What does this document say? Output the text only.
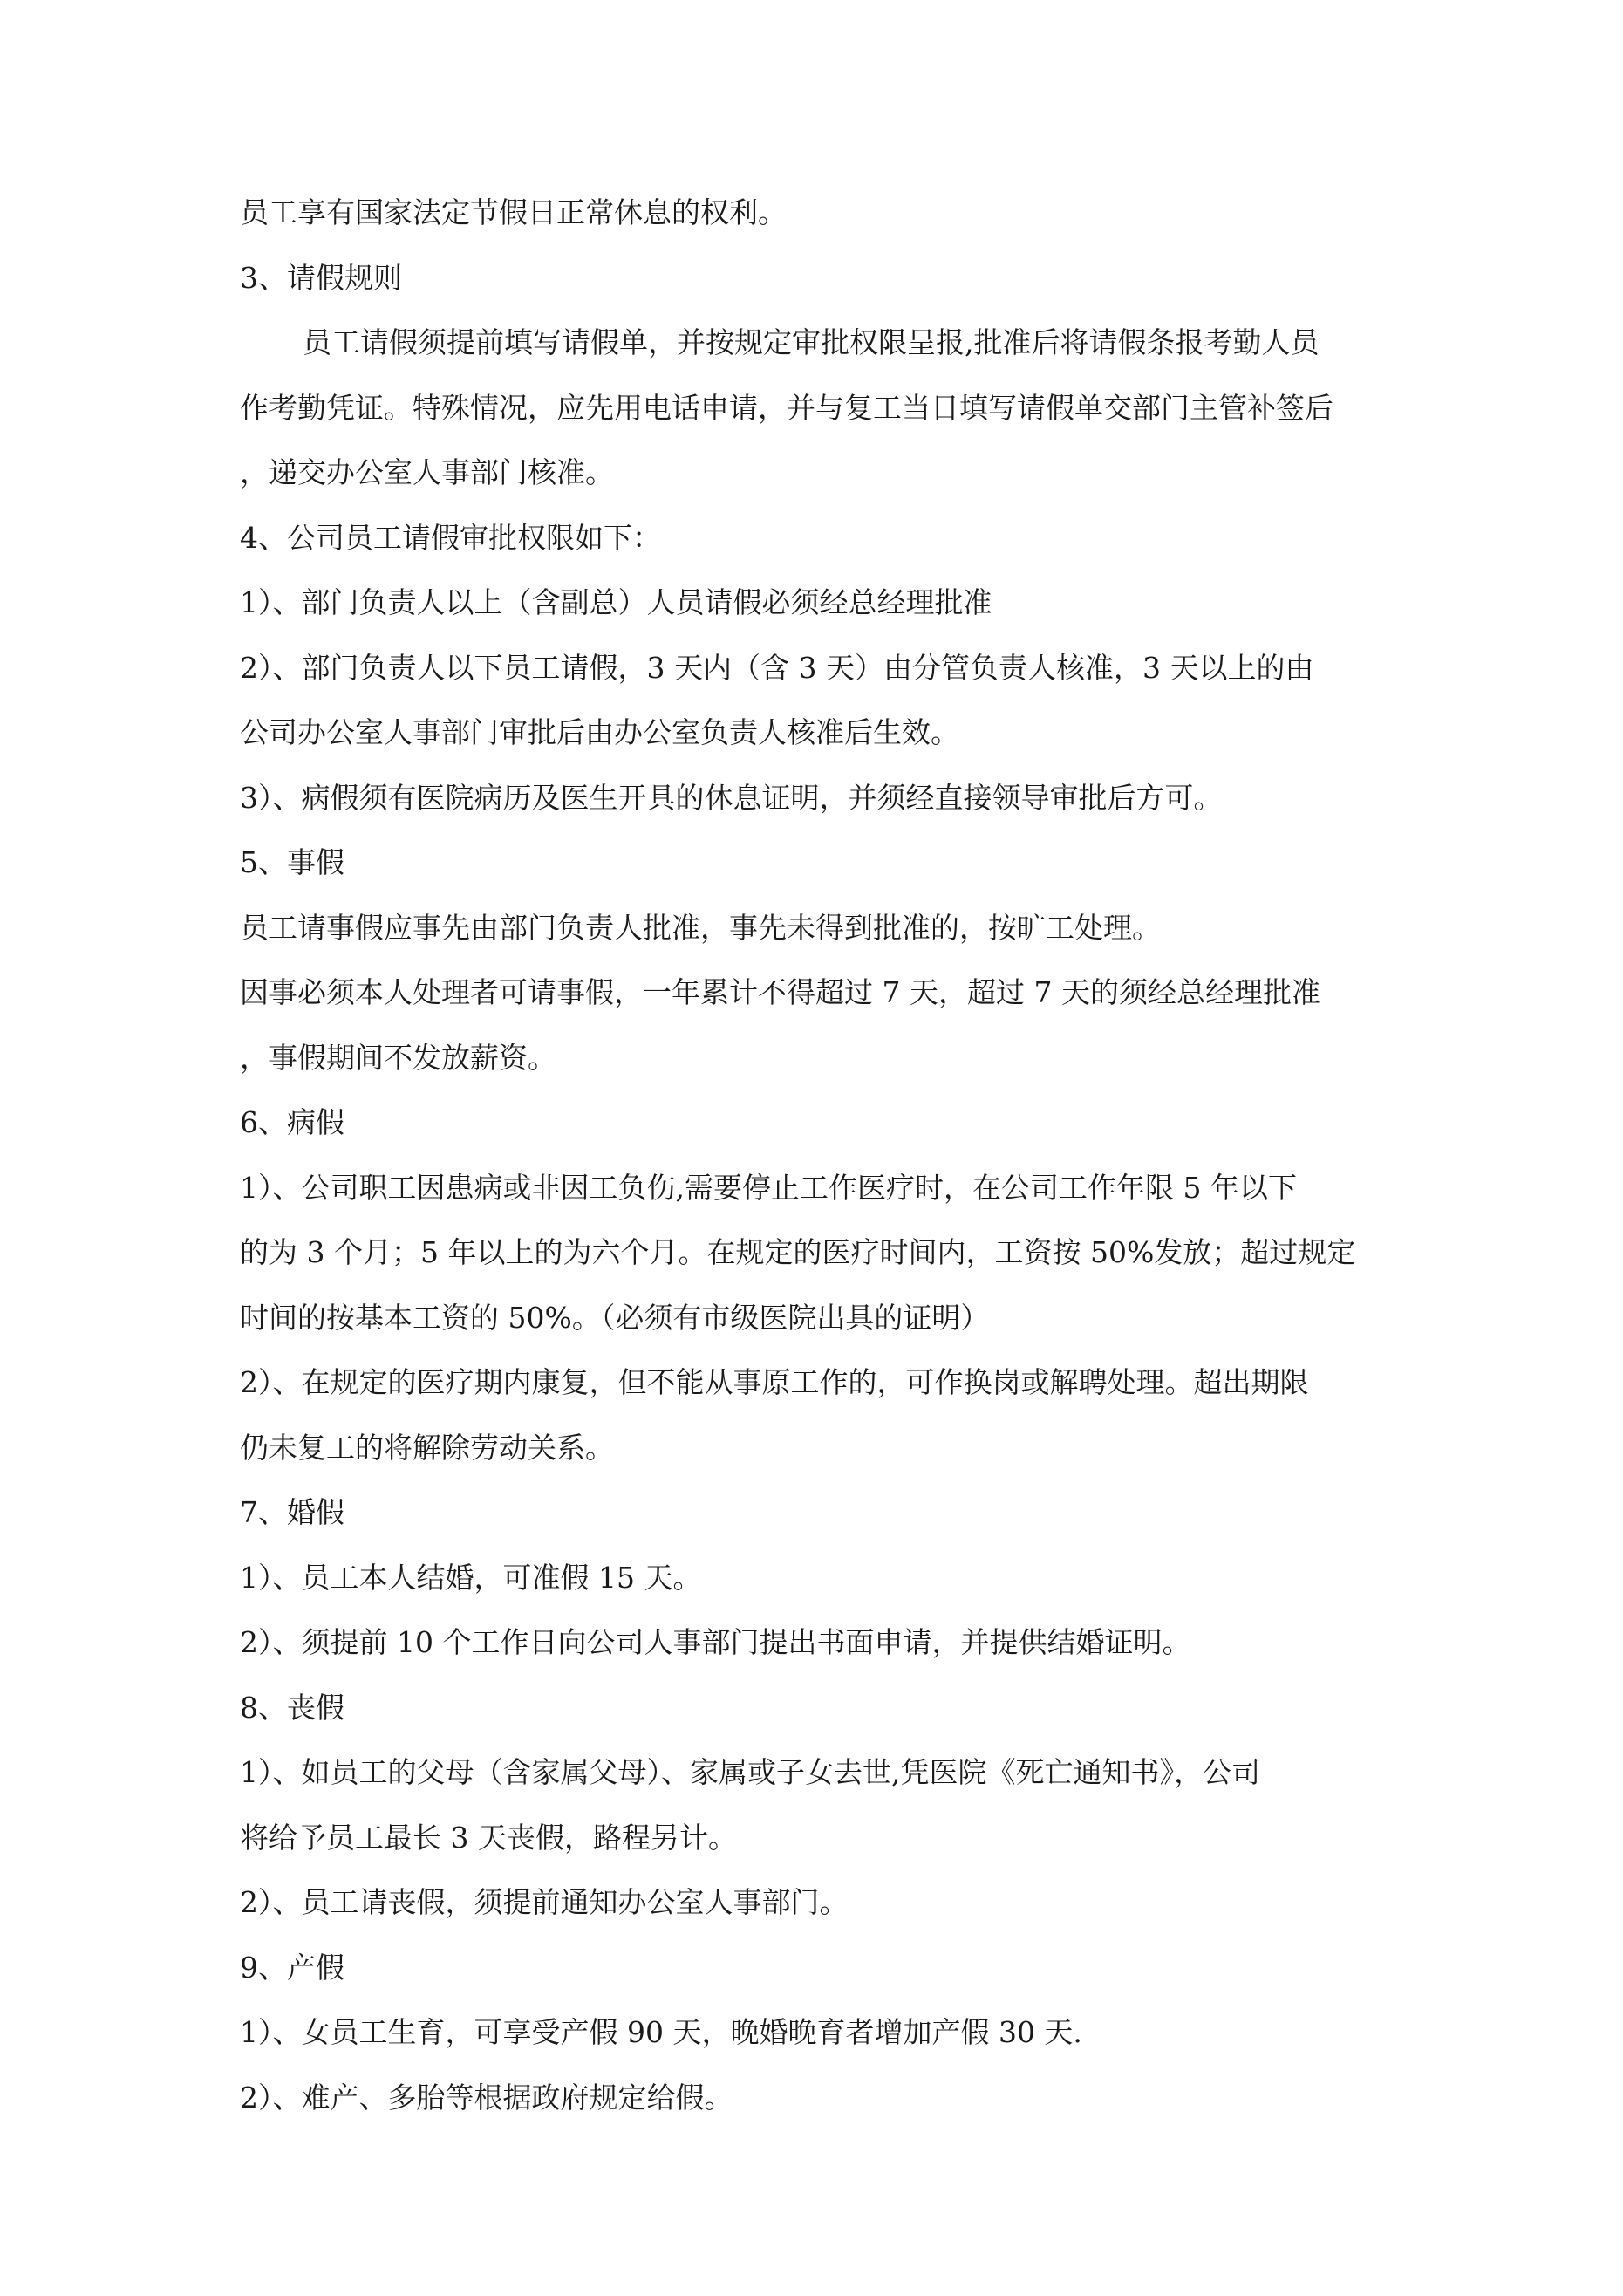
员工享有国家法定节假日正常休息的权利。
3、请假规则
员工请假须提前填写请假单，并按规定审批权限呈报,批准后将请假条报考勤人员
作考勤凭证。特殊情况，应先用电话申请，并与复工当日填写请假单交部门主管补签后
，递交办公室人事部门核准。
4、公司员工请假审批权限如下：
1）、部门负责人以上（含副总）人员请假必须经总经理批准
2）、部门负责人以下员工请假，3 天内（含 3 天）由分管负责人核准，3 天以上的由
公司办公室人事部门审批后由办公室负责人核准后生效。
3）、病假须有医院病历及医生开具的休息证明，并须经直接领导审批后方可。
5、事假
员工请事假应事先由部门负责人批准，事先未得到批准的，按旷工处理。
因事必须本人处理者可请事假，一年累计不得超过 7 天，超过 7 天的须经总经理批准
，事假期间不发放薪资。
6、病假
1）、公司职工因患病或非因工负伤,需要停止工作医疗时，在公司工作年限 5 年以下
的为 3 个月；5 年以上的为六个月。在规定的医疗时间内，工资按 50%发放；超过规定
时间的按基本工资的 50%。（必须有市级医院出具的证明）
2）、在规定的医疗期内康复，但不能从事原工作的，可作换岗或解聘处理。超出期限
仍未复工的将解除劳动关系。
7、婚假
1）、员工本人结婚，可准假 15 天。
2）、须提前 10 个工作日向公司人事部门提出书面申请，并提供结婚证明。
8、丧假
1）、如员工的父母（含家属父母）、家属或子女去世,凭医院《死亡通知书》，公司
将给予员工最长 3 天丧假，路程另计。
2）、员工请丧假，须提前通知办公室人事部门。
9、产假
1）、女员工生育，可享受产假 90 天，晚婚晚育者增加产假 30 天.
2）、难产、多胎等根据政府规定给假。
